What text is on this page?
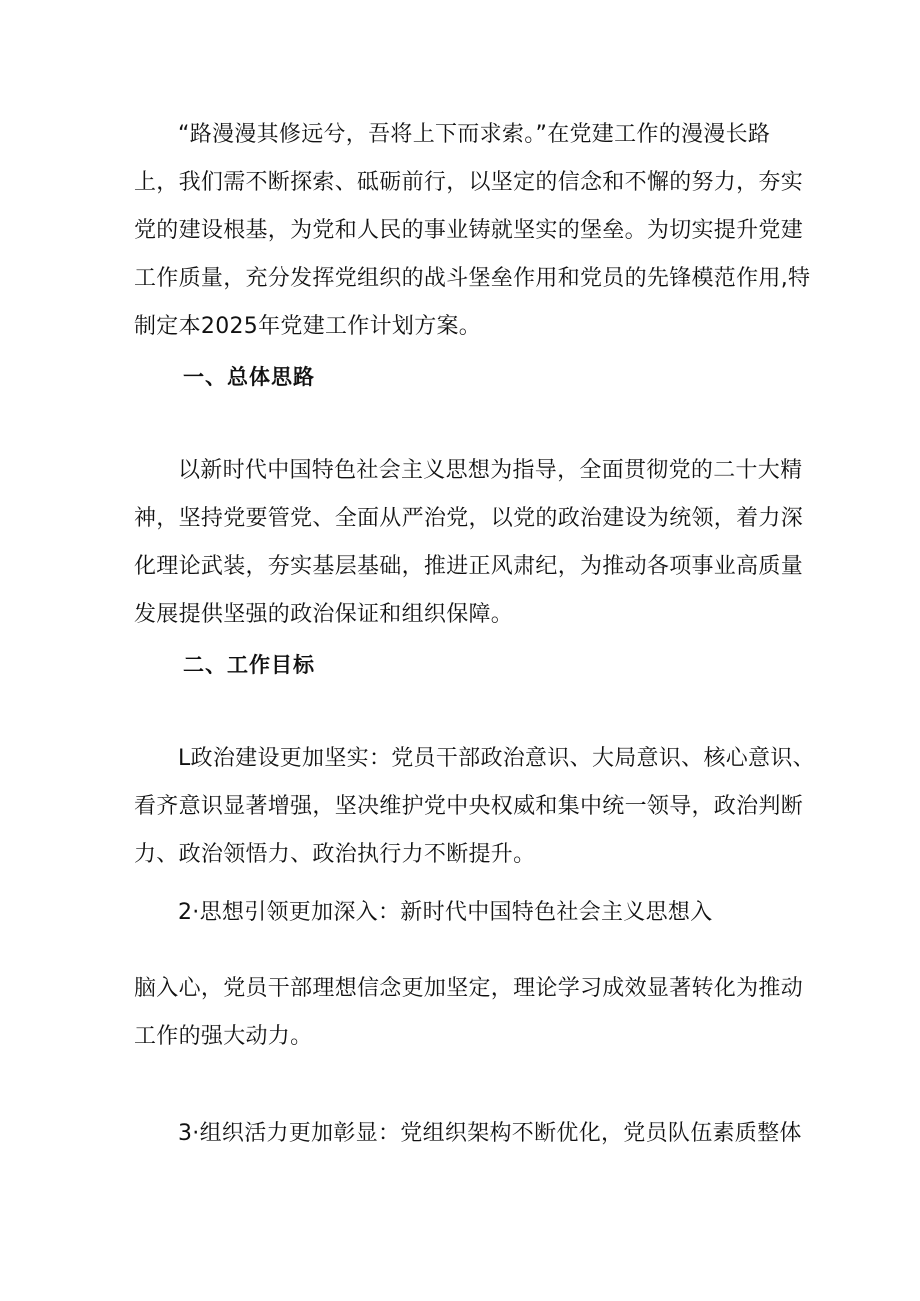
“路漫漫其修远兮，吾将上下而求索。”在党建工作的漫漫长路
上，我们需不断探索、砥砺前行，以坚定的信念和不懈的努力，夯实
党的建设根基，为党和人民的事业铸就坚实的堡垒。为切实提升党建
工作质量，充分发挥党组织的战斗堡垒作用和党员的先锋模范作用,特
制定本2025年党建工作计划方案。
一、总体思路
以新时代中国特色社会主义思想为指导，全面贯彻党的二十大精
神，坚持党要管党、全面从严治党，以党的政治建设为统领，着力深
化理论武装，夯实基层基础，推进正风肃纪，为推动各项事业高质量
发展提供坚强的政治保证和组织保障。
二、工作目标
L政治建设更加坚实：党员干部政治意识、大局意识、核心意识、
看齐意识显著增强，坚决维护党中央权威和集中统一领导，政治判断
力、政治领悟力、政治执行力不断提升。
2·思想引领更加深入：新时代中国特色社会主义思想入
脑入心，党员干部理想信念更加坚定，理论学习成效显著转化为推动
工作的强大动力。
3·组织活力更加彰显：党组织架构不断优化，党员队伍素质整体
